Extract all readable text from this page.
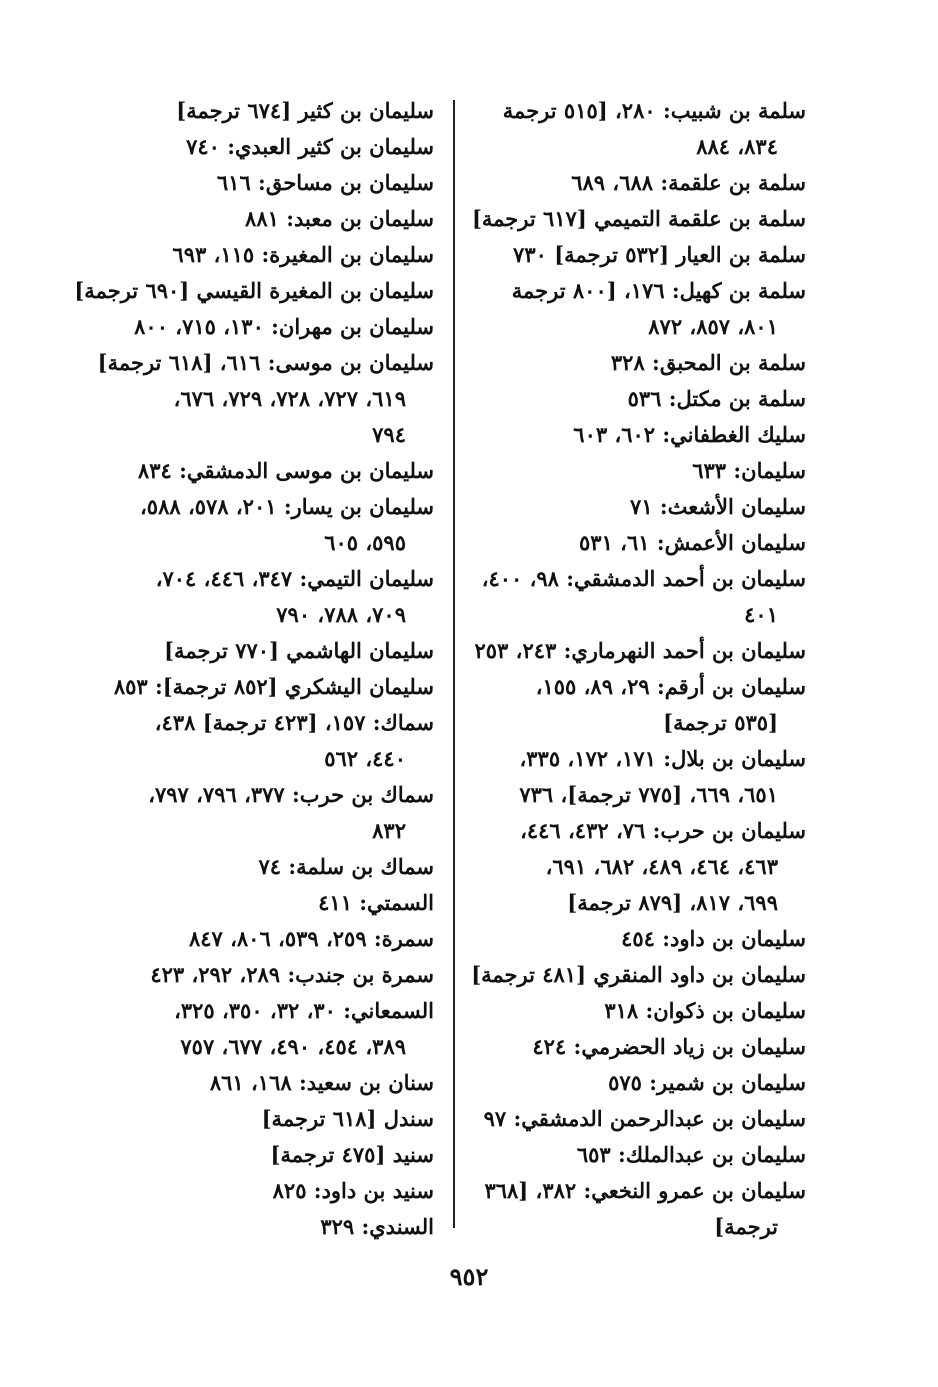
سلمة بن شبيب: ٢٨٠، [٥١٥ ترجمة
٨٣٤، ٨٨٤
سلمة بن علقمة: ٦٨٨، ٦٨٩
سلمة بن علقمة التميمي [٦١٧ ترجمة]
سلمة بن العيار [٥٣٢ ترجمة] ٧٣٠
سلمة بن كهيل: ١٧٦، [٨٠٠ ترجمة
٨٠١، ٨٥٧، ٨٧٢
سلمة بن المحبق: ٣٢٨
سلمة بن مكتل: ٥٣٦
سليك الغطفاني: ٦٠٢، ٦٠٣
سليمان: ٦٣٣
سليمان الأشعث: ٧١
سليمان الأعمش: ٦١، ٥٣١
سليمان بن أحمد الدمشقي: ٩٨، ٤٠٠،
٤٠١
سليمان بن أحمد النهرماري: ٢٤٣، ٢٥٣
سليمان بن أرقم: ٢٩، ٨٩، ١٥٥،
[٥٣٥ ترجمة]
سليمان بن بلال: ١٧١، ١٧٢، ٣٣٥،
٦٥١، ٦٦٩، [٧٧٥ ترجمة]، ٧٣٦
سليمان بن حرب: ٧٦، ٤٣٢، ٤٤٦،
٤٦٣، ٤٦٤، ٤٨٩، ٦٨٢، ٦٩١،
٦٩٩، ٨١٧، [٨٧٩ ترجمة]
سليمان بن داود: ٤٥٤
سليمان بن داود المنقري [٤٨١ ترجمة]
سليمان بن ذكوان: ٣١٨
سليمان بن زياد الحضرمي: ٤٢٤
سليمان بن شمير: ٥٧٥
سليمان بن عبدالرحمن الدمشقي: ٩٧
سليمان بن عبدالملك: ٦٥٣
سليمان بن عمرو النخعي: ٣٨٢، [٣٦٨
ترجمة]
سليمان بن كثير [٦٧٤ ترجمة]
سليمان بن كثير العبدي: ٧٤٠
سليمان بن مساحق: ٦١٦
سليمان بن معبد: ٨٨١
سليمان بن المغيرة: ١١٥، ٦٩٣
سليمان بن المغيرة القيسي [٦٩٠ ترجمة]
سليمان بن مهران: ١٣٠، ٧١٥، ٨٠٠
سليمان بن موسى: ٦١٦، [٦١٨ ترجمة]
٦١٩، ٧٢٧، ٧٢٨، ٧٢٩، ٦٧٦،
٧٩٤
سليمان بن موسى الدمشقي: ٨٣٤
سليمان بن يسار: ٢٠١، ٥٧٨، ٥٨٨،
٥٩٥، ٦٠٥
سليمان التيمي: ٣٤٧، ٤٤٦، ٧٠٤،
٧٠٩، ٧٨٨، ٧٩٠
سليمان الهاشمي [٧٧٠ ترجمة]
سليمان اليشكري [٨٥٢ ترجمة]: ٨٥٣
سماك: ١٥٧، [٤٢٣ ترجمة] ٤٣٨،
٤٤٠، ٥٦٢
سماك بن حرب: ٣٧٧، ٧٩٦، ٧٩٧،
٨٣٢
سماك بن سلمة: ٧٤
السمتي: ٤١١
سمرة: ٢٥٩، ٥٣٩، ٨٠٦، ٨٤٧
سمرة بن جندب: ٢٨٩، ٢٩٢، ٤٢٣
السمعاني: ٣٠، ٣٢، ٣٥٠، ٣٢٥،
٣٨٩، ٤٥٤، ٤٩٠، ٦٧٧، ٧٥٧
سنان بن سعيد: ١٦٨، ٨٦١
سندل [٦١٨ ترجمة]
سنيد [٤٧٥ ترجمة]
سنيد بن داود: ٨٢٥
السندي: ٣٢٩
٩٥٢
